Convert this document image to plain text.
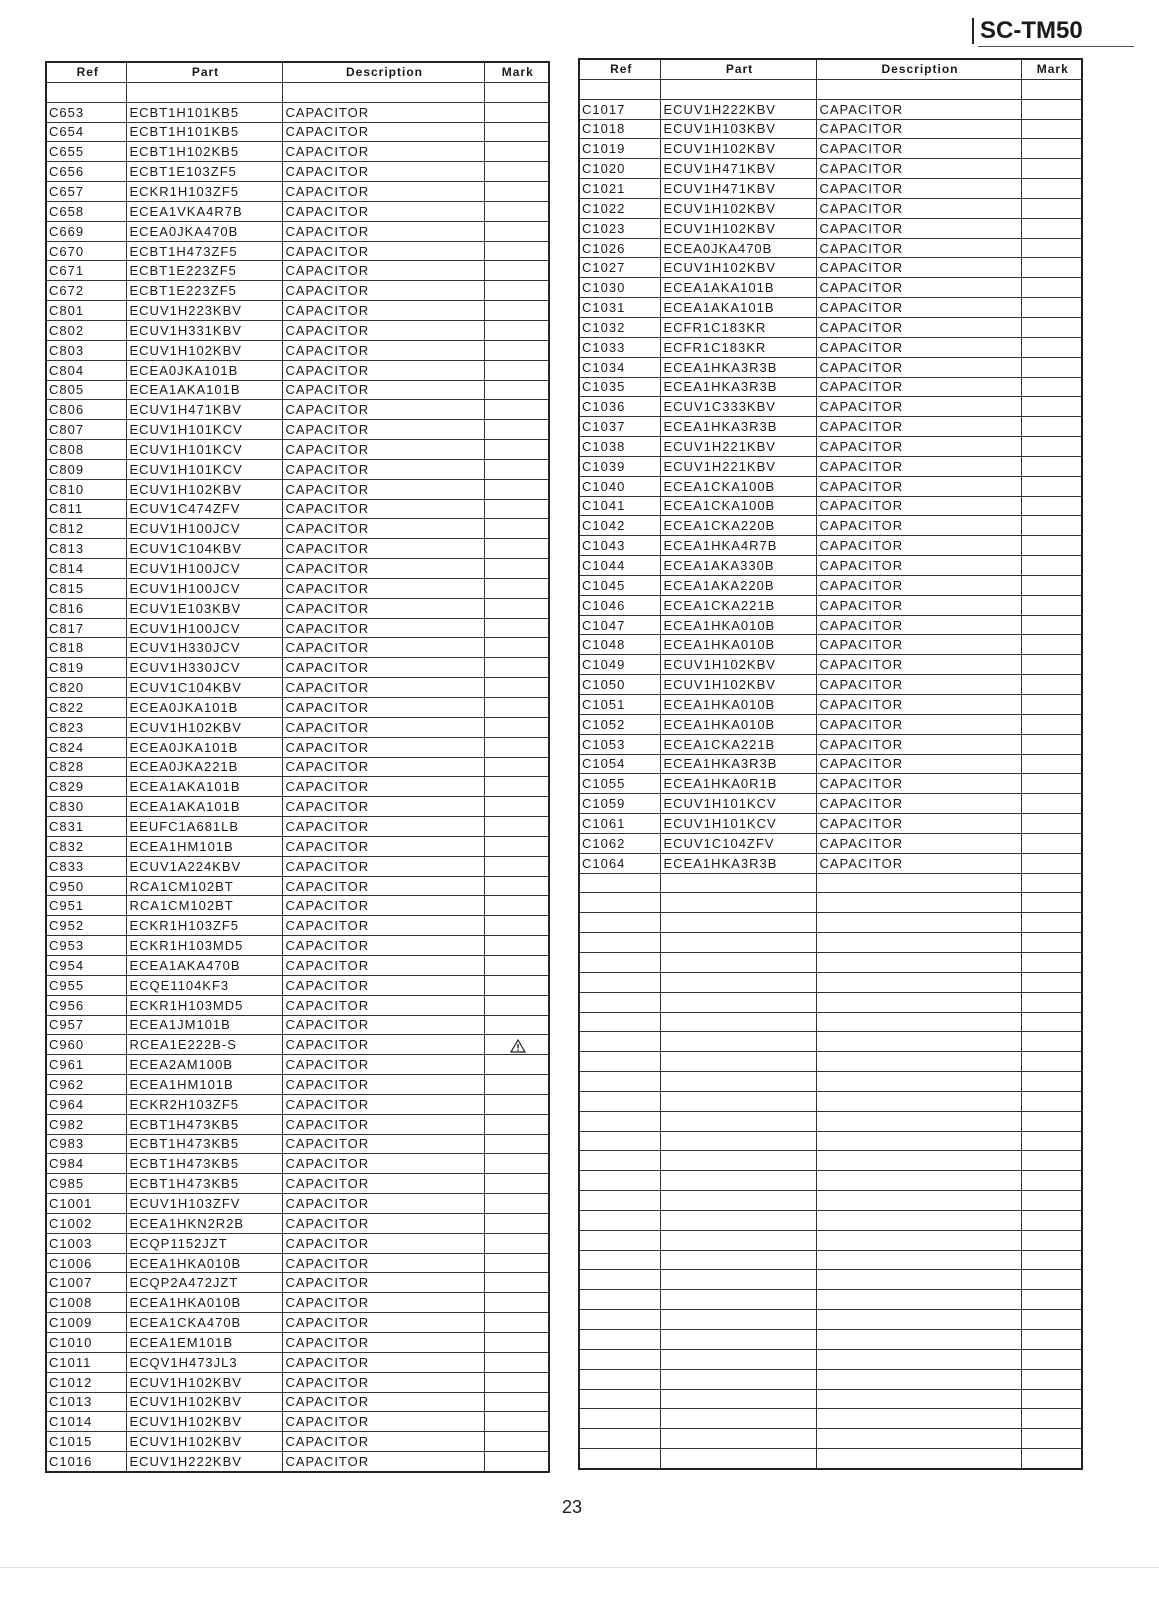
SC-TM50
Ref	Part	Description	Mark

C653	ECBT1H101KB5	CAPACITOR	
C654	ECBT1H101KB5	CAPACITOR	
C655	ECBT1H102KB5	CAPACITOR	
C656	ECBT1E103ZF5	CAPACITOR	
C657	ECKR1H103ZF5	CAPACITOR	
C658	ECEA1VKA4R7B	CAPACITOR	
C669	ECEA0JKA470B	CAPACITOR	
C670	ECBT1H473ZF5	CAPACITOR	
C671	ECBT1E223ZF5	CAPACITOR	
C672	ECBT1E223ZF5	CAPACITOR	
C801	ECUV1H223KBV	CAPACITOR	
C802	ECUV1H331KBV	CAPACITOR	
C803	ECUV1H102KBV	CAPACITOR	
C804	ECEA0JKA101B	CAPACITOR	
C805	ECEA1AKA101B	CAPACITOR	
C806	ECUV1H471KBV	CAPACITOR	
C807	ECUV1H101KCV	CAPACITOR	
C808	ECUV1H101KCV	CAPACITOR	
C809	ECUV1H101KCV	CAPACITOR	
C810	ECUV1H102KBV	CAPACITOR	
C811	ECUV1C474ZFV	CAPACITOR	
C812	ECUV1H100JCV	CAPACITOR	
C813	ECUV1C104KBV	CAPACITOR	
C814	ECUV1H100JCV	CAPACITOR	
C815	ECUV1H100JCV	CAPACITOR	
C816	ECUV1E103KBV	CAPACITOR	
C817	ECUV1H100JCV	CAPACITOR	
C818	ECUV1H330JCV	CAPACITOR	
C819	ECUV1H330JCV	CAPACITOR	
C820	ECUV1C104KBV	CAPACITOR	
C822	ECEA0JKA101B	CAPACITOR	
C823	ECUV1H102KBV	CAPACITOR	
C824	ECEA0JKA101B	CAPACITOR	
C828	ECEA0JKA221B	CAPACITOR	
C829	ECEA1AKA101B	CAPACITOR	
C830	ECEA1AKA101B	CAPACITOR	
C831	EEUFC1A681LB	CAPACITOR	
C832	ECEA1HM101B	CAPACITOR	
C833	ECUV1A224KBV	CAPACITOR	
C950	RCA1CM102BT	CAPACITOR	
C951	RCA1CM102BT	CAPACITOR	
C952	ECKR1H103ZF5	CAPACITOR	
C953	ECKR1H103MD5	CAPACITOR	
C954	ECEA1AKA470B	CAPACITOR	
C955	ECQE1104KF3	CAPACITOR	
C956	ECKR1H103MD5	CAPACITOR	
C957	ECEA1JM101B	CAPACITOR	
C960	RCEA1E222B-S	CAPACITOR	
C961	ECEA2AM100B	CAPACITOR	
C962	ECEA1HM101B	CAPACITOR	
C964	ECKR2H103ZF5	CAPACITOR	
C982	ECBT1H473KB5	CAPACITOR	
C983	ECBT1H473KB5	CAPACITOR	
C984	ECBT1H473KB5	CAPACITOR	
C985	ECBT1H473KB5	CAPACITOR	
C1001	ECUV1H103ZFV	CAPACITOR	
C1002	ECEA1HKN2R2B	CAPACITOR	
C1003	ECQP1152JZT	CAPACITOR	
C1006	ECEA1HKA010B	CAPACITOR	
C1007	ECQP2A472JZT	CAPACITOR	
C1008	ECEA1HKA010B	CAPACITOR	
C1009	ECEA1CKA470B	CAPACITOR	
C1010	ECEA1EM101B	CAPACITOR	
C1011	ECQV1H473JL3	CAPACITOR	
C1012	ECUV1H102KBV	CAPACITOR	
C1013	ECUV1H102KBV	CAPACITOR	
C1014	ECUV1H102KBV	CAPACITOR	
C1015	ECUV1H102KBV	CAPACITOR	
C1016	ECUV1H222KBV	CAPACITOR	
Ref	Part	Description	Mark

C1017	ECUV1H222KBV	CAPACITOR	
C1018	ECUV1H103KBV	CAPACITOR	
C1019	ECUV1H102KBV	CAPACITOR	
C1020	ECUV1H471KBV	CAPACITOR	
C1021	ECUV1H471KBV	CAPACITOR	
C1022	ECUV1H102KBV	CAPACITOR	
C1023	ECUV1H102KBV	CAPACITOR	
C1026	ECEA0JKA470B	CAPACITOR	
C1027	ECUV1H102KBV	CAPACITOR	
C1030	ECEA1AKA101B	CAPACITOR	
C1031	ECEA1AKA101B	CAPACITOR	
C1032	ECFR1C183KR	CAPACITOR	
C1033	ECFR1C183KR	CAPACITOR	
C1034	ECEA1HKA3R3B	CAPACITOR	
C1035	ECEA1HKA3R3B	CAPACITOR	
C1036	ECUV1C333KBV	CAPACITOR	
C1037	ECEA1HKA3R3B	CAPACITOR	
C1038	ECUV1H221KBV	CAPACITOR	
C1039	ECUV1H221KBV	CAPACITOR	
C1040	ECEA1CKA100B	CAPACITOR	
C1041	ECEA1CKA100B	CAPACITOR	
C1042	ECEA1CKA220B	CAPACITOR	
C1043	ECEA1HKA4R7B	CAPACITOR	
C1044	ECEA1AKA330B	CAPACITOR	
C1045	ECEA1AKA220B	CAPACITOR	
C1046	ECEA1CKA221B	CAPACITOR	
C1047	ECEA1HKA010B	CAPACITOR	
C1048	ECEA1HKA010B	CAPACITOR	
C1049	ECUV1H102KBV	CAPACITOR	
C1050	ECUV1H102KBV	CAPACITOR	
C1051	ECEA1HKA010B	CAPACITOR	
C1052	ECEA1HKA010B	CAPACITOR	
C1053	ECEA1CKA221B	CAPACITOR	
C1054	ECEA1HKA3R3B	CAPACITOR	
C1055	ECEA1HKA0R1B	CAPACITOR	
C1059	ECUV1H101KCV	CAPACITOR	
C1061	ECUV1H101KCV	CAPACITOR	
C1062	ECUV1C104ZFV	CAPACITOR	
C1064	ECEA1HKA3R3B	CAPACITOR	

23
